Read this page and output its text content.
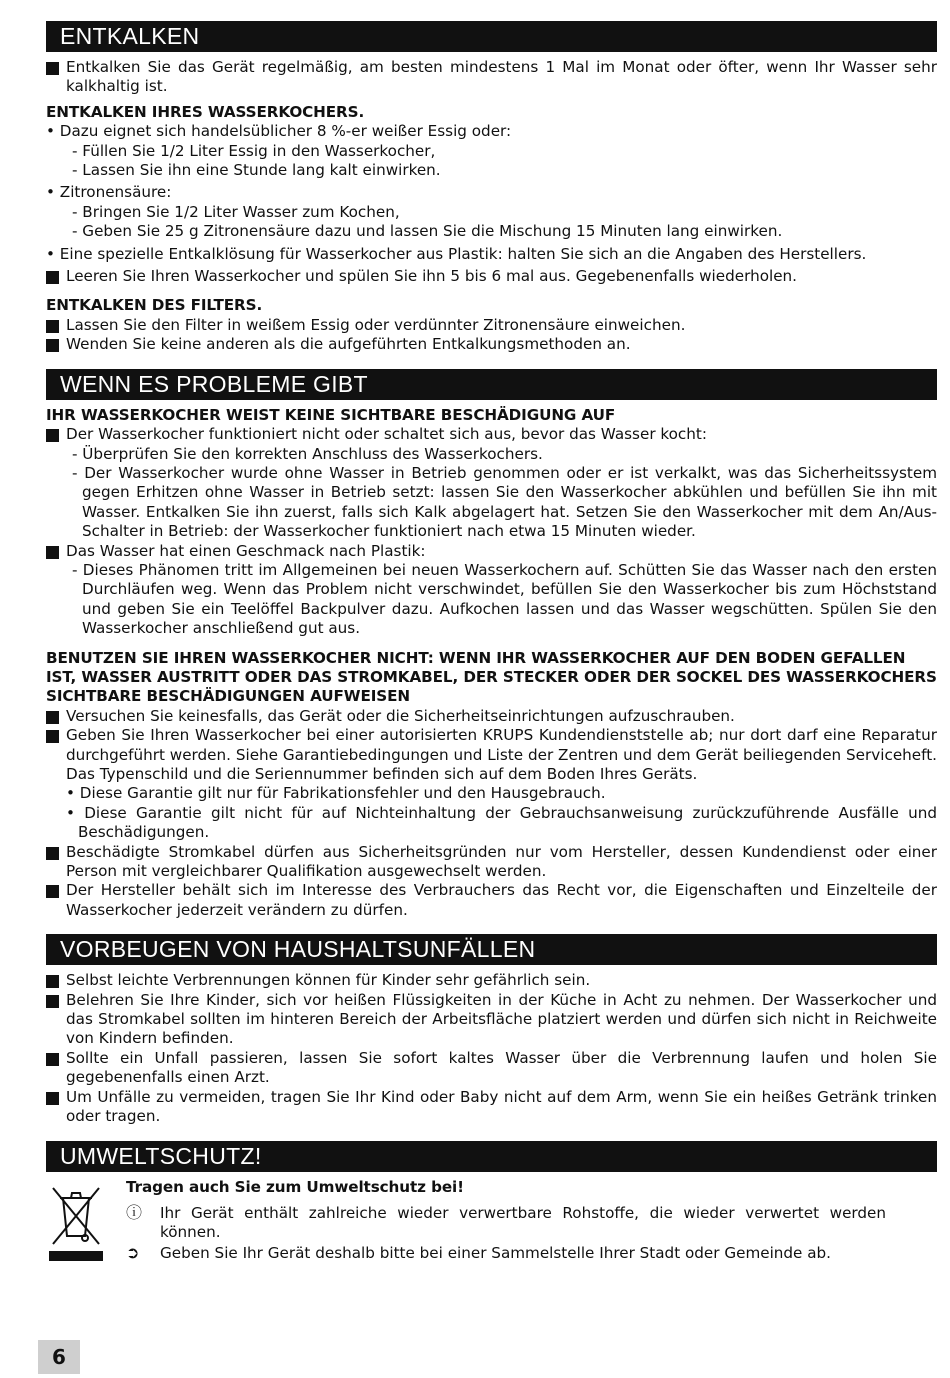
ENTKALKEN

Entkalken Sie das Gerät regelmäßig, am besten mindestens 1 Mal im Monat oder öfter, wenn Ihr Wasser sehr kalkhaltig ist.

ENTKALKEN IHRES WASSERKOCHERS.

• Dazu eignet sich handelsüblicher 8 %-er weißer Essig oder:

- Füllen Sie 1/2 Liter Essig in den Wasserkocher,

- Lassen Sie ihn eine Stunde lang kalt einwirken.

• Zitronensäure:

- Bringen Sie 1/2 Liter Wasser zum Kochen,

- Geben Sie 25 g Zitronensäure dazu und lassen Sie die Mischung 15 Minuten lang einwirken.

• Eine spezielle Entkalklösung für Wasserkocher aus Plastik: halten Sie sich an die Angaben des Herstellers.

Leeren Sie Ihren Wasserkocher und spülen Sie ihn 5 bis 6 mal aus. Gegebenenfalls wiederholen.

ENTKALKEN DES FILTERS.

Lassen Sie den Filter in weißem Essig oder verdünnter Zitronensäure einweichen.

Wenden Sie keine anderen als die aufgeführten Entkalkungsmethoden an.

WENN ES PROBLEME GIBT

IHR WASSERKOCHER WEIST KEINE SICHTBARE BESCHÄDIGUNG AUF

Der Wasserkocher funktioniert nicht oder schaltet sich aus, bevor das Wasser kocht:

- Überprüfen Sie den korrekten Anschluss des Wasserkochers.

- Der Wasserkocher wurde ohne Wasser in Betrieb genommen oder er ist verkalkt, was das Sicherheitssystem gegen Erhitzen ohne Wasser in Betrieb setzt: lassen Sie den Wasserkocher abkühlen und befüllen Sie ihn mit Wasser. Entkalken Sie ihn zuerst, falls sich Kalk abgelagert hat. Setzen Sie den Wasserkocher mit dem An/Aus-Schalter in Betrieb: der Wasserkocher funktioniert nach etwa 15 Minuten wieder.

Das Wasser hat einen Geschmack nach Plastik:

- Dieses Phänomen tritt im Allgemeinen bei neuen Wasserkochern auf. Schütten Sie das Wasser nach den ersten Durchläufen weg. Wenn das Problem nicht verschwindet, befüllen Sie den Wasserkocher bis zum Höchststand und geben Sie ein Teelöffel Backpulver dazu. Aufkochen lassen und das Wasser wegschütten. Spülen Sie den Wasserkocher anschließend gut aus.

BENUTZEN SIE IHREN WASSERKOCHER NICHT: WENN IHR WASSERKOCHER AUF DEN BODEN GEFALLEN IST, WASSER AUSTRITT ODER DAS STROMKABEL, DER STECKER ODER DER SOCKEL DES WASSERKOCHERS SICHTBARE BESCHÄDIGUNGEN AUFWEISEN

Versuchen Sie keinesfalls, das Gerät oder die Sicherheitseinrichtungen aufzuschrauben.

Geben Sie Ihren Wasserkocher bei einer autorisierten KRUPS Kundendienststelle ab; nur dort darf eine Reparatur durchgeführt werden. Siehe Garantiebedingungen und Liste der Zentren und dem Gerät beiliegenden Serviceheft. Das Typenschild und die Seriennummer befinden sich auf dem Boden Ihres Geräts.

• Diese Garantie gilt nur für Fabrikationsfehler und den Hausgebrauch.

• Diese Garantie gilt nicht für auf Nichteinhaltung der Gebrauchsanweisung zurückzuführende Ausfälle und Beschädigungen.

Beschädigte Stromkabel dürfen aus Sicherheitsgründen nur vom Hersteller, dessen Kundendienst oder einer Person mit vergleichbarer Qualifikation ausgewechselt werden.

Der Hersteller behält sich im Interesse des Verbrauchers das Recht vor, die Eigenschaften und Einzelteile der Wasserkocher jederzeit verändern zu dürfen.

VORBEUGEN VON HAUSHALTSUNFÄLLEN

Selbst leichte Verbrennungen können für Kinder sehr gefährlich sein.

Belehren Sie Ihre Kinder, sich vor heißen Flüssigkeiten in der Küche in Acht zu nehmen. Der Wasserkocher und das Stromkabel sollten im hinteren Bereich der Arbeitsfläche platziert werden und dürfen sich nicht in Reichweite von Kindern befinden.

Sollte ein Unfall passieren, lassen Sie sofort kaltes Wasser über die Verbrennung laufen und holen Sie gegebenenfalls einen Arzt.

Um Unfälle zu vermeiden, tragen Sie Ihr Kind oder Baby nicht auf dem Arm, wenn Sie ein heißes Getränk trinken oder tragen.

UMWELTSCHUTZ!

Tragen auch Sie zum Umweltschutz bei!

ⓘ Ihr Gerät enthält zahlreiche wieder verwertbare Rohstoffe, die wieder verwertet werden können.

➲ Geben Sie Ihr Gerät deshalb bitte bei einer Sammelstelle Ihrer Stadt oder Gemeinde ab.

6
